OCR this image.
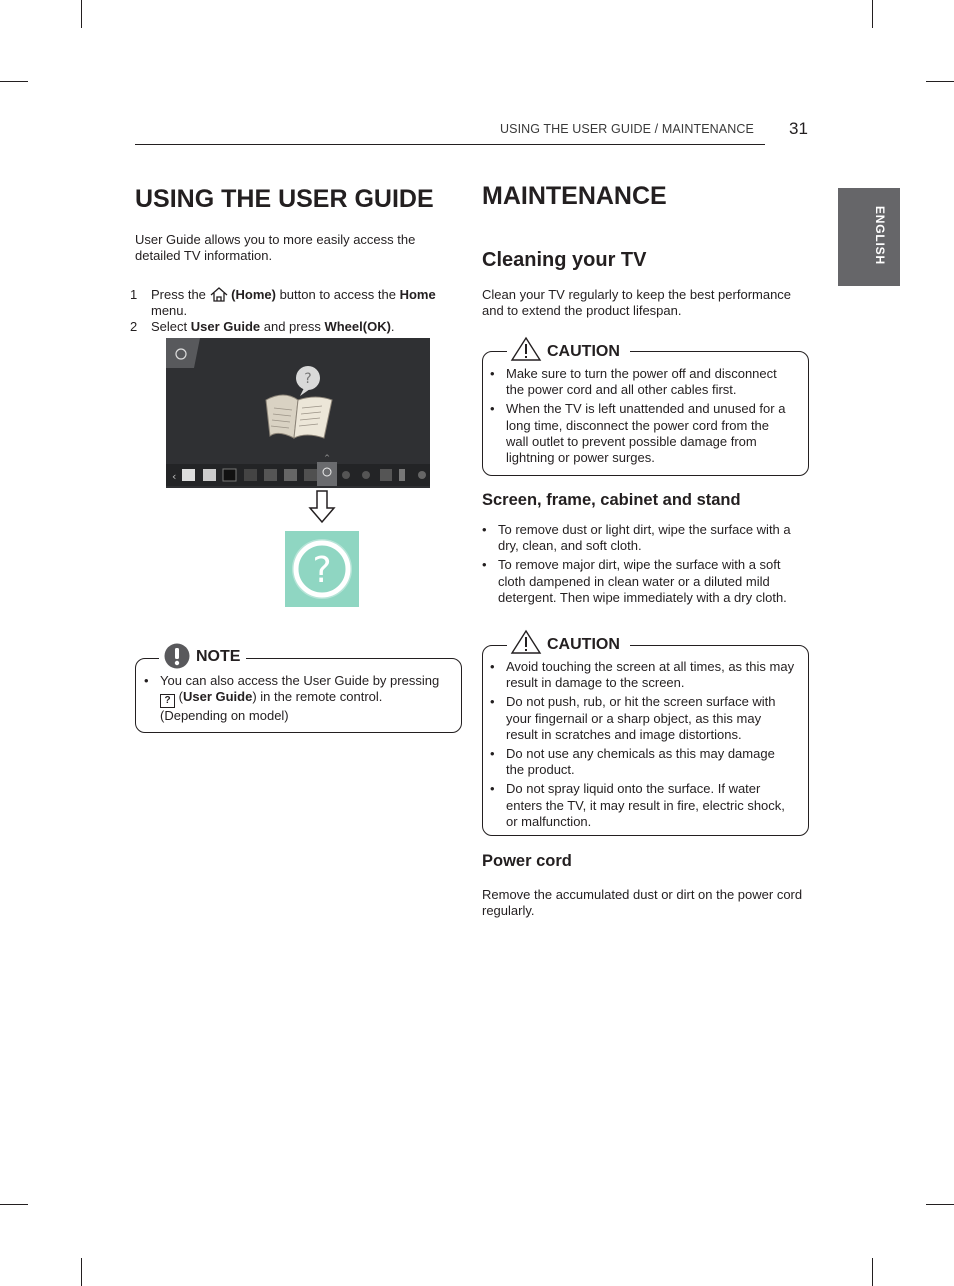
USING THE USER GUIDE / MAINTENANCE 31
ENGLISH
USING THE USER GUIDE
User Guide allows you to more easily access the detailed TV information.
1 Press the (Home) button to access the Home menu.
2 Select User Guide and press Wheel(OK).
?
‹
^
?
NOTE
• You can also access the User Guide by pressing ? (User Guide) in the remote control. (Depending on model)
MAINTENANCE
Cleaning your TV
Clean your TV regularly to keep the best performance and to extend the product lifespan.
CAUTION
• Make sure to turn the power off and disconnect the power cord and all other cables first.
• When the TV is left unattended and unused for a long time, disconnect the power cord from the wall outlet to prevent possible damage from lightning or power surges.
Screen, frame, cabinet and stand
• To remove dust or light dirt, wipe the surface with a dry, clean, and soft cloth.
• To remove major dirt, wipe the surface with a soft cloth dampened in clean water or a diluted mild detergent. Then wipe immediately with a dry cloth.
CAUTION
• Avoid touching the screen at all times, as this may result in damage to the screen.
• Do not push, rub, or hit the screen surface with your fingernail or a sharp object, as this may result in scratches and image distortions.
• Do not use any chemicals as this may damage the product.
• Do not spray liquid onto the surface. If water enters the TV, it may result in fire, electric shock, or malfunction.
Power cord
Remove the accumulated dust or dirt on the power cord regularly.
